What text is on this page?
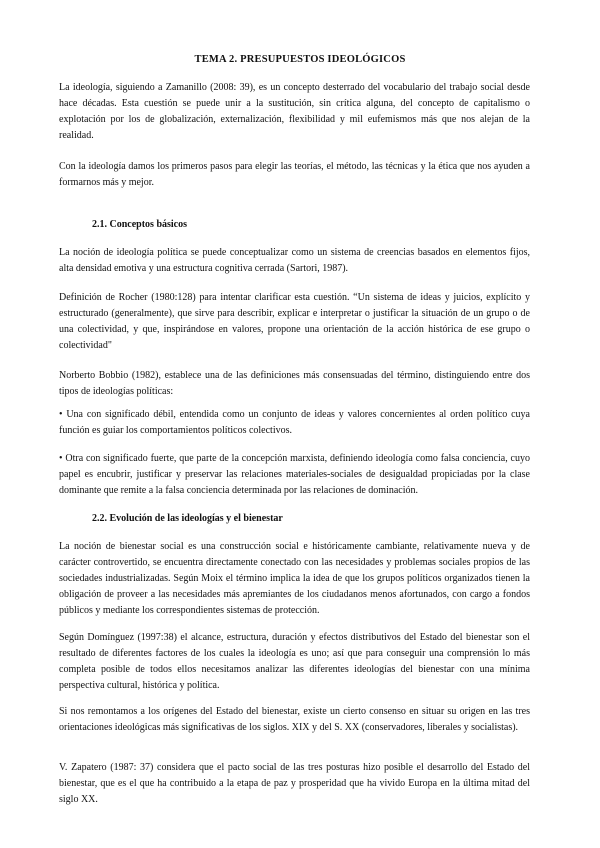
TEMA 2. PRESUPUESTOS IDEOLÓGICOS

La ideología, siguiendo a Zamanillo (2008: 39), es un concepto desterrado del vocabulario del trabajo social desde hace décadas. Esta cuestión se puede unir a la sustitución, sin crítica alguna, del concepto de capitalismo o explotación por los de globalización, externalización, flexibilidad y mil eufemismos más que nos alejan de la realidad.

Con la ideología damos los primeros pasos para elegir las teorías, el método, las técnicas y la ética que nos ayuden a formarnos más y mejor.

2.1. Conceptos básicos

La noción de ideología política se puede conceptualizar como un sistema de creencias basados en elementos fijos, alta densidad emotiva y una estructura cognitiva cerrada (Sartori, 1987).

Definición de Rocher (1980:128) para intentar clarificar esta cuestión. “Un sistema de ideas y juicios, explícito y estructurado (generalmente), que sirve para describir, explicar e interpretar o justificar la situación de un grupo o de una colectividad, y que, inspirándose en valores, propone una orientación de la acción histórica de ese grupo o colectividad"

Norberto Bobbio (1982), establece una de las definiciones más consensuadas del término, distinguiendo entre dos tipos de ideologías políticas:

• Una con significado débil, entendida como un conjunto de ideas y valores concernientes al orden político cuya función es guiar los comportamientos políticos colectivos.

• Otra con significado fuerte, que parte de la concepción marxista, definiendo ideología como falsa conciencia, cuyo papel es encubrir, justificar y preservar las relaciones materiales-sociales de desigualdad propiciadas por la clase dominante que remite a la falsa conciencia determinada por las relaciones de dominación.

2.2. Evolución de las ideologías y el bienestar

La noción de bienestar social es una construcción social e históricamente cambiante, relativamente nueva y de carácter controvertido, se encuentra directamente conectado con las necesidades y problemas sociales propios de las sociedades industrializadas. Según Moix el término implica la idea de que los grupos políticos organizados tienen la obligación de proveer a las necesidades más apremiantes de los ciudadanos menos afortunados, con cargo a fondos públicos y mediante los correspondientes sistemas de protección.

Según Domínguez (1997:38) el alcance, estructura, duración y efectos distributivos del Estado del bienestar son el resultado de diferentes factores de los cuales la ideología es uno; así que para conseguir una comprensión lo más completa posible de todos ellos necesitamos analizar las diferentes ideologías del bienestar con una mínima perspectiva cultural, histórica y política.

Si nos remontamos a los orígenes del Estado del bienestar, existe un cierto consenso en situar su origen en las tres orientaciones ideológicas más significativas de los siglos. XIX y del S. XX (conservadores, liberales y socialistas).

V. Zapatero (1987: 37) considera que el pacto social de las tres posturas hizo posible el desarrollo del Estado del bienestar, que es el que ha contribuido a la etapa de paz y prosperidad que ha vivido Europa en la última mitad del siglo XX.
